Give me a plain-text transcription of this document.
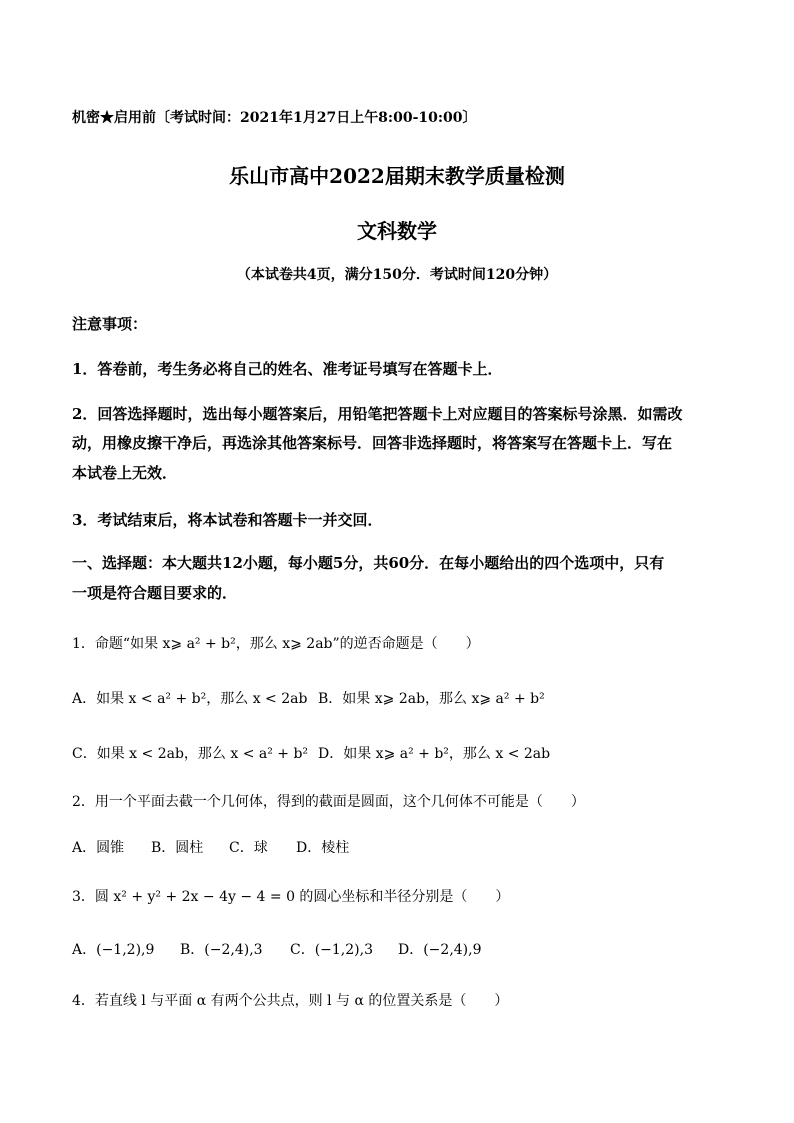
机密★启用前〔考试时间：2021年1月27日上午8:00-10:00〕
乐山市高中2022届期末教学质量检测
文科数学
（本试卷共4页，满分150分．考试时间120分钟）
注意事项：
1．答卷前，考生务必将自己的姓名、准考证号填写在答题卡上．
2．回答选择题时，选出每小题答案后，用铅笔把答题卡上对应题目的答案标号涂黑．如需改
动，用橡皮擦干净后，再选涂其他答案标号．回答非选择题时，将答案写在答题卡上．写在
本试卷上无效．
3．考试结束后，将本试卷和答题卡一并交回．
一、选择题：本大题共12小题，每小题5分，共60分．在每小题给出的四个选项中，只有
一项是符合题目要求的．
1．命题“如果 x⩾ a² + b²，那么 x⩾ 2ab”的逆否命题是（　　）
A．如果 x < a² + b²，那么 x < 2ab B．如果 x⩾ 2ab，那么 x⩾ a² + b²
C．如果 x < 2ab，那么 x < a² + b² D．如果 x⩾ a² + b²，那么 x < 2ab
2．用一个平面去截一个几何体，得到的截面是圆面，这个几何体不可能是（　　）
A．圆锥 B．圆柱 C．球 D．棱柱
3．圆 x² + y² + 2x − 4y − 4 = 0 的圆心坐标和半径分别是（　　）
A．(−1,2),9 B．(−2,4),3 C．(−1,2),3 D．(−2,4),9
4．若直线 l 与平面 α 有两个公共点，则 l 与 α 的位置关系是（　　）
